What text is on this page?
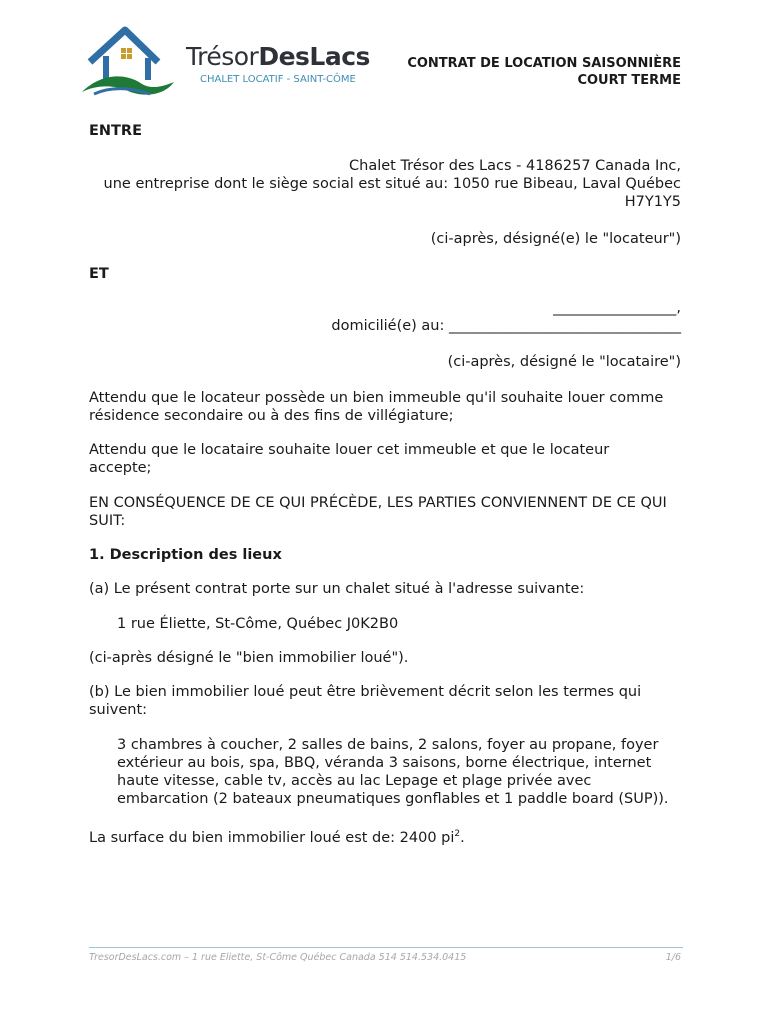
TrésorDesLacs
CHALET LOCATIF - SAINT-CÔME
CONTRAT DE LOCATION SAISONNIÈRE
COURT TERME
ENTRE
Chalet Trésor des Lacs - 4186257 Canada Inc,
une entreprise dont le siège social est situé au: 1050 rue Bibeau, Laval Québec
H7Y1Y5
(ci-après, désigné(e) le "locateur")
ET
_________________,
domicilié(e) au: ________________________________
(ci-après, désigné le "locataire")
Attendu que le locateur possède un bien immeuble qu'il souhaite louer comme
résidence secondaire ou à des fins de villégiature;
Attendu que le locataire souhaite louer cet immeuble et que le locateur
accepte;
EN CONSÉQUENCE DE CE QUI PRÉCÈDE, LES PARTIES CONVIENNENT DE CE QUI
SUIT:
1. Description des lieux
(a) Le présent contrat porte sur un chalet situé à l'adresse suivante:
1 rue Éliette, St-Côme, Québec J0K2B0
(ci-après désigné le "bien immobilier loué").
(b) Le bien immobilier loué peut être brièvement décrit selon les termes qui
suivent:
3 chambres à coucher, 2 salles de bains, 2 salons, foyer au propane, foyer
extérieur au bois, spa, BBQ, véranda 3 saisons, borne électrique, internet
haute vitesse, cable tv, accès au lac Lepage et plage privée avec
embarcation (2 bateaux pneumatiques gonflables et 1 paddle board (SUP)).
La surface du bien immobilier loué est de: 2400 $pi^2$.
TresorDesLacs.com – 1 rue Eliette, St-Côme Québec Canada 514 514.534.0415	1/6
